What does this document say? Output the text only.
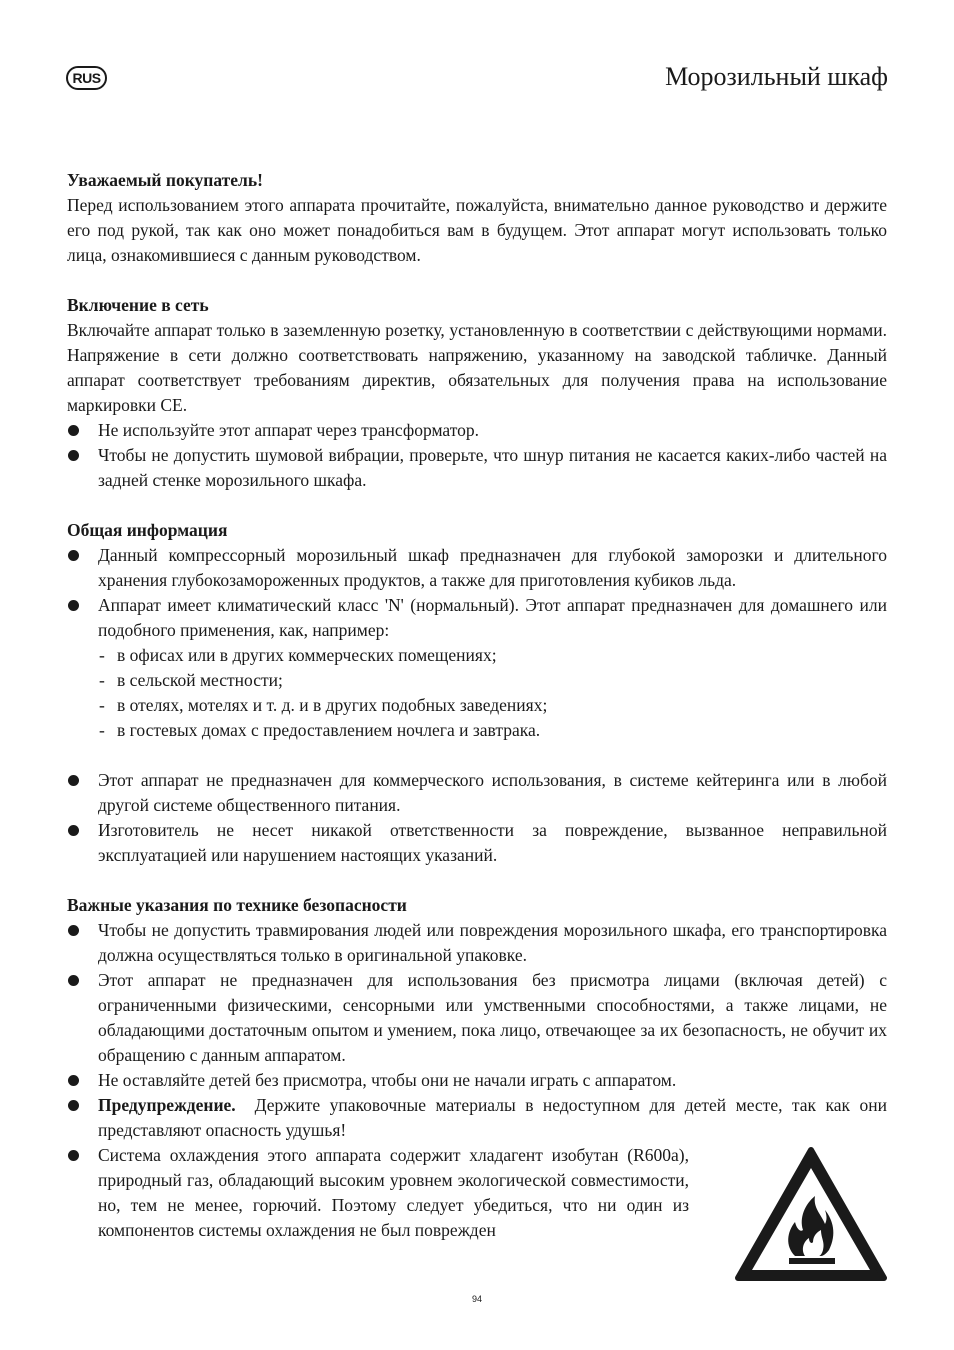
RUS	Морозильный шкаф
Уважаемый покупатель!

Перед использованием этого аппарата прочитайте, пожалуйста, внимательно данное руководство и держите его под рукой, так как оно может понадобиться вам в будущем. Этот аппарат могут использовать только лица, ознакомившиеся с данным руководством.

Включение в сеть

Включайте аппарат только в заземленную розетку, установленную в соответствии с действующими нормами. Напряжение в сети должно соответствовать напряжению, указанному на заводской табличке. Данный аппарат соответствует требованиям директив, обязательных для получения права на использование маркировки CE.

Не используйте этот аппарат через трансформатор.
Чтобы не допустить шумовой вибрации, проверьте, что шнур питания не касается каких-либо частей на задней стенке морозильного шкафа.
Общая информация
Данный компрессорный морозильный шкаф предназначен для глубокой заморозки и длительного хранения глубокозамороженных продуктов, а также для приготовления кубиков льда.
Аппарат имеет климатический класс 'N' (нормальный). Этот аппарат предназначен для домашнего или подобного применения, как, например:
- в офисах или в других коммерческих помещениях;
- в сельской местности;
- в отелях, мотелях и т. д. и в других подобных заведениях;
- в гостевых домах с предоставлением ночлега и завтрака.
Этот аппарат не предназначен для коммерческого использования, в системе кейтеринга или в любой другой системе общественного питания.
Изготовитель не несет никакой ответственности за повреждение, вызванное неправильной эксплуатацией или нарушением настоящих указаний.
Важные указания по технике безопасности
Чтобы не допустить травмирования людей или повреждения морозильного шкафа, его транспортировка должна осуществляться только в оригинальной упаковке.
Этот аппарат не предназначен для использования без присмотра лицами (включая детей) с ограниченными физическими, сенсорными или умственными способностями, а также лицами, не обладающими достаточным опытом и умением, пока лицо, отвечающее за их безопасность, не обучит их обращению с данным аппаратом.
Не оставляйте детей без присмотра, чтобы они не начали играть с аппаратом.
Предупреждение. Держите упаковочные материалы в недоступном для детей месте, так как они представляют опасность удушья!
Система охлаждения этого аппарата содержит хладагент изобутан (R600a), природный газ, обладающий высоким уровнем экологической совместимости, но, тем не менее, горючий. Поэтому следует убедиться, что ни один из компонентов системы охлаждения не был поврежден
94
